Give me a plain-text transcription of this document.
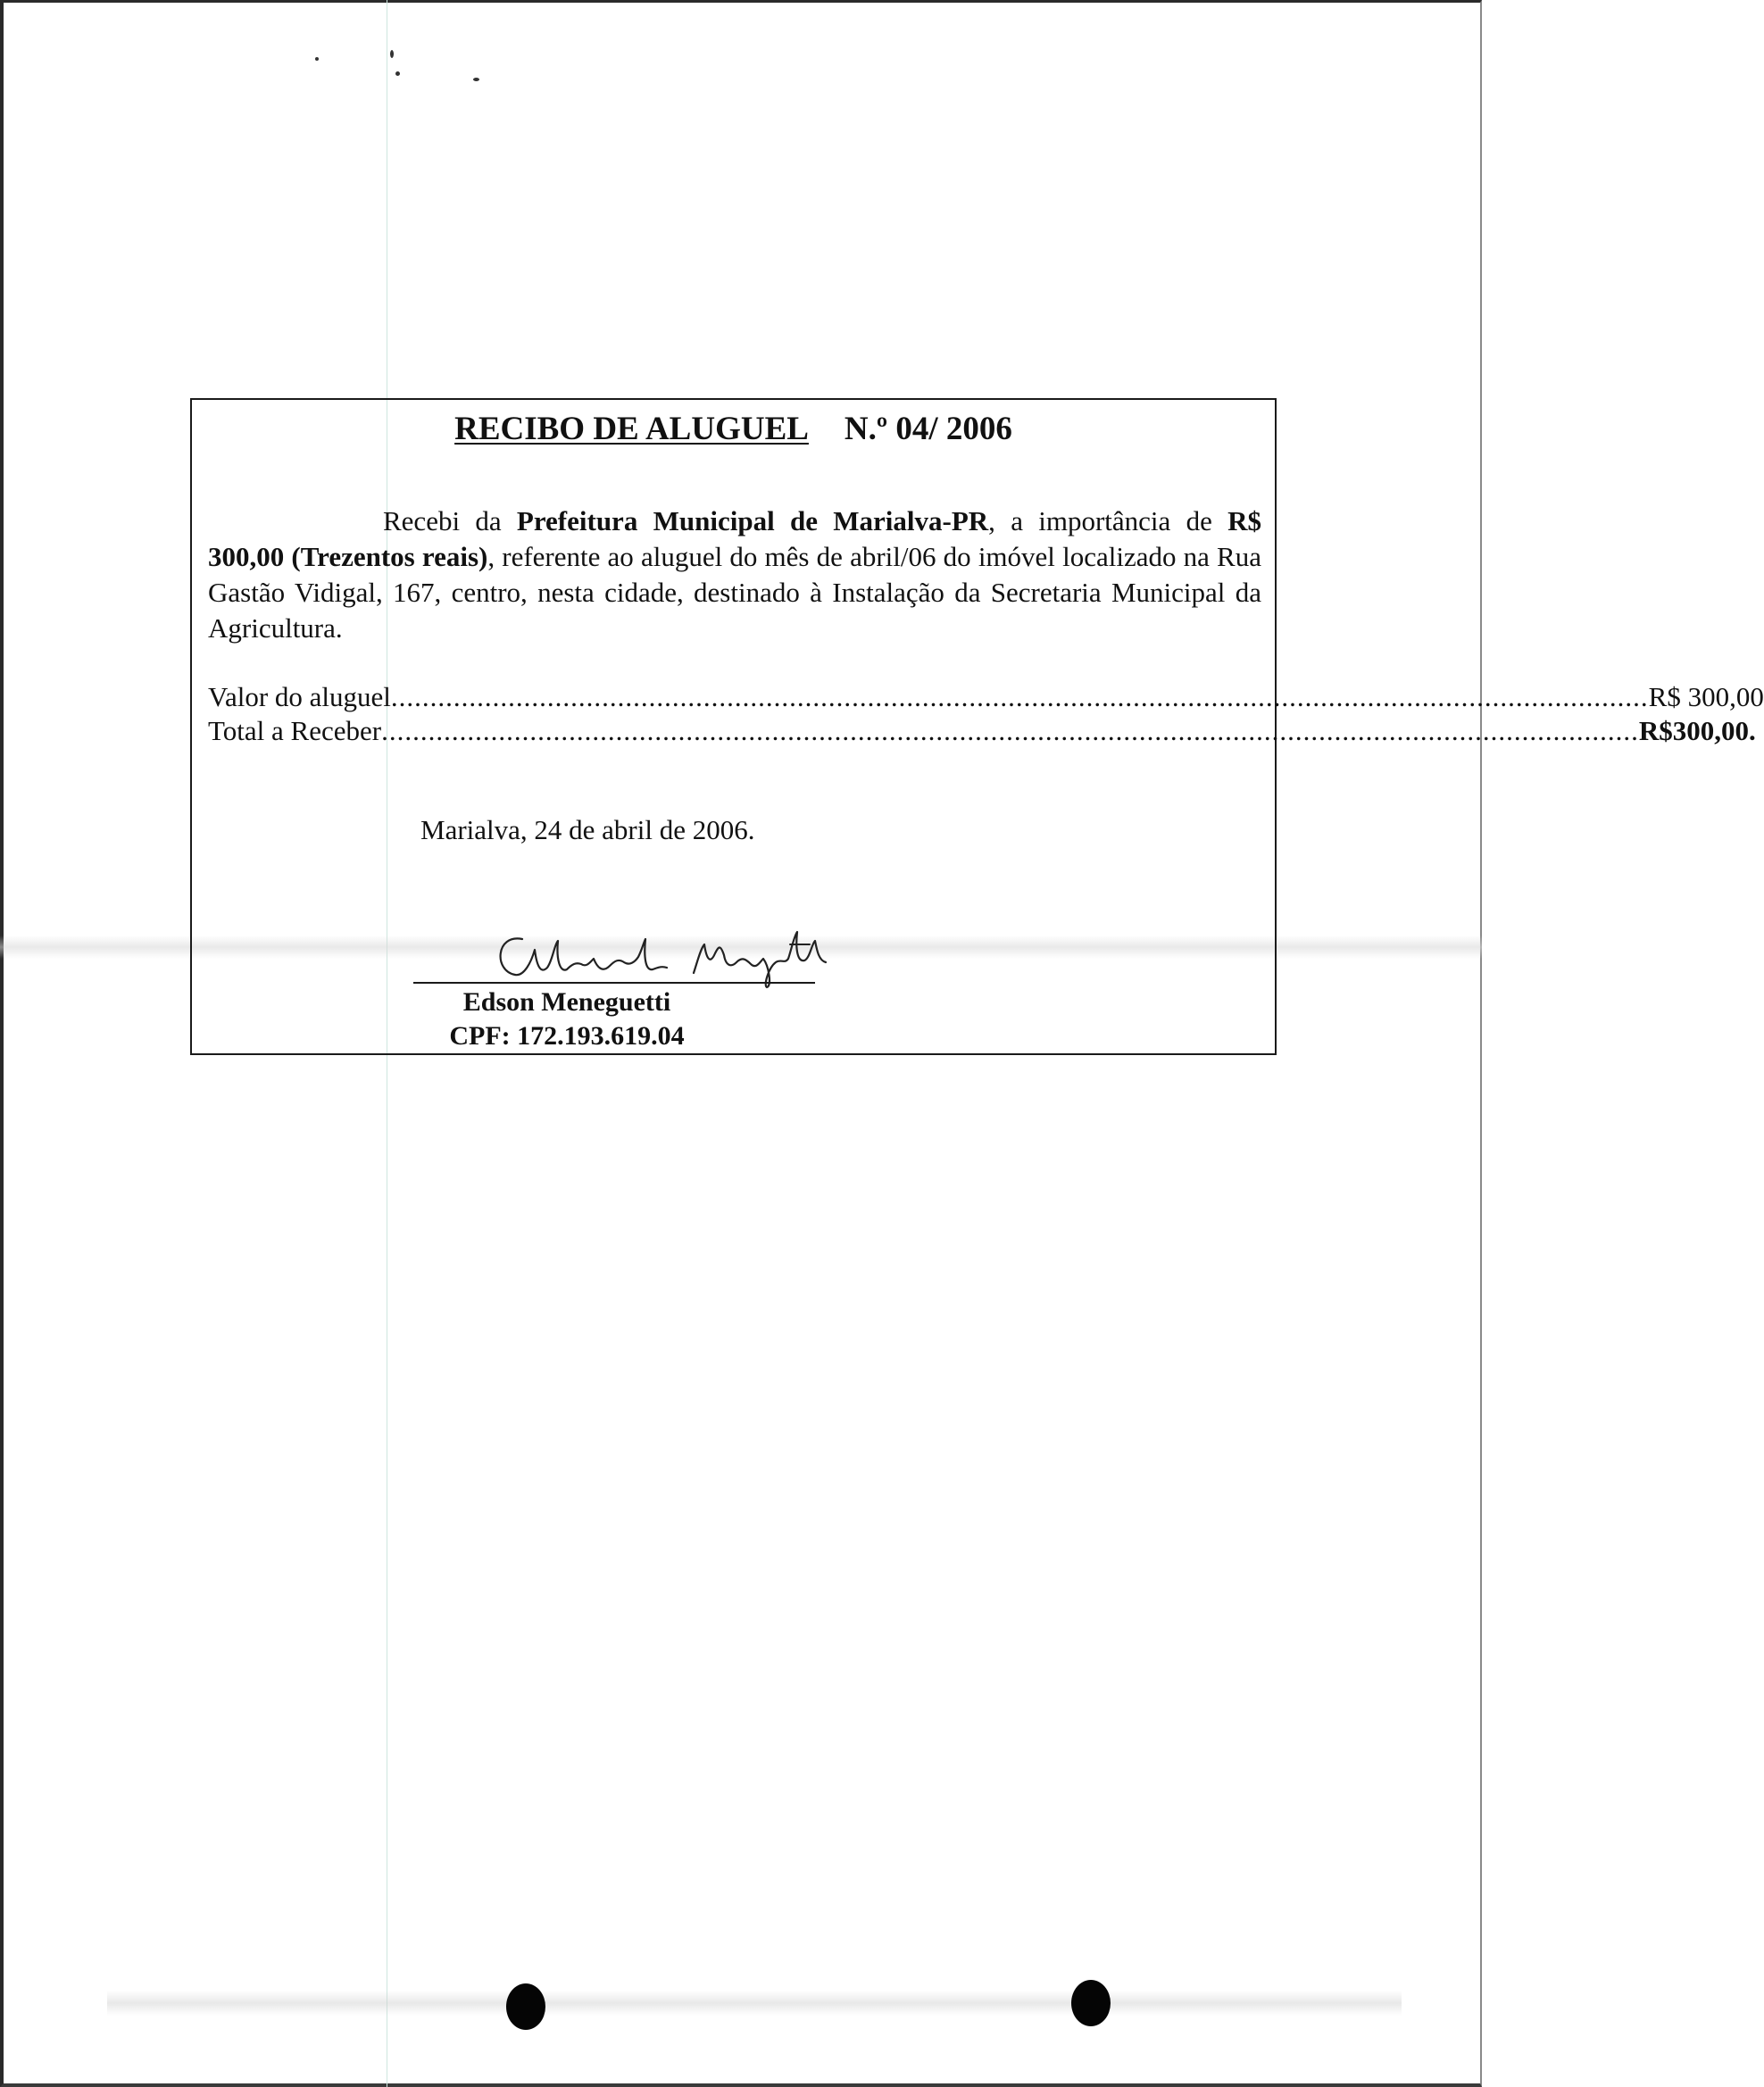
RECIBO DE ALUGUEL N.º 04/ 2006
Recebi da Prefeitura Municipal de Marialva-PR, a importância de R$ 300,00 (Trezentos reais), referente ao aluguel do mês de abril/06 do imóvel localizado na Rua Gastão Vidigal, 167, centro, nesta cidade, destinado à Instalação da Secretaria Municipal da Agricultura.
Valor do aluguel ................................................................................................................................................................. R$ 300,00
Total a Receber ................................................................................................................................................................. R$300,00.
Marialva, 24 de abril de 2006.
Edson Meneguetti
CPF: 172.193.619.04
